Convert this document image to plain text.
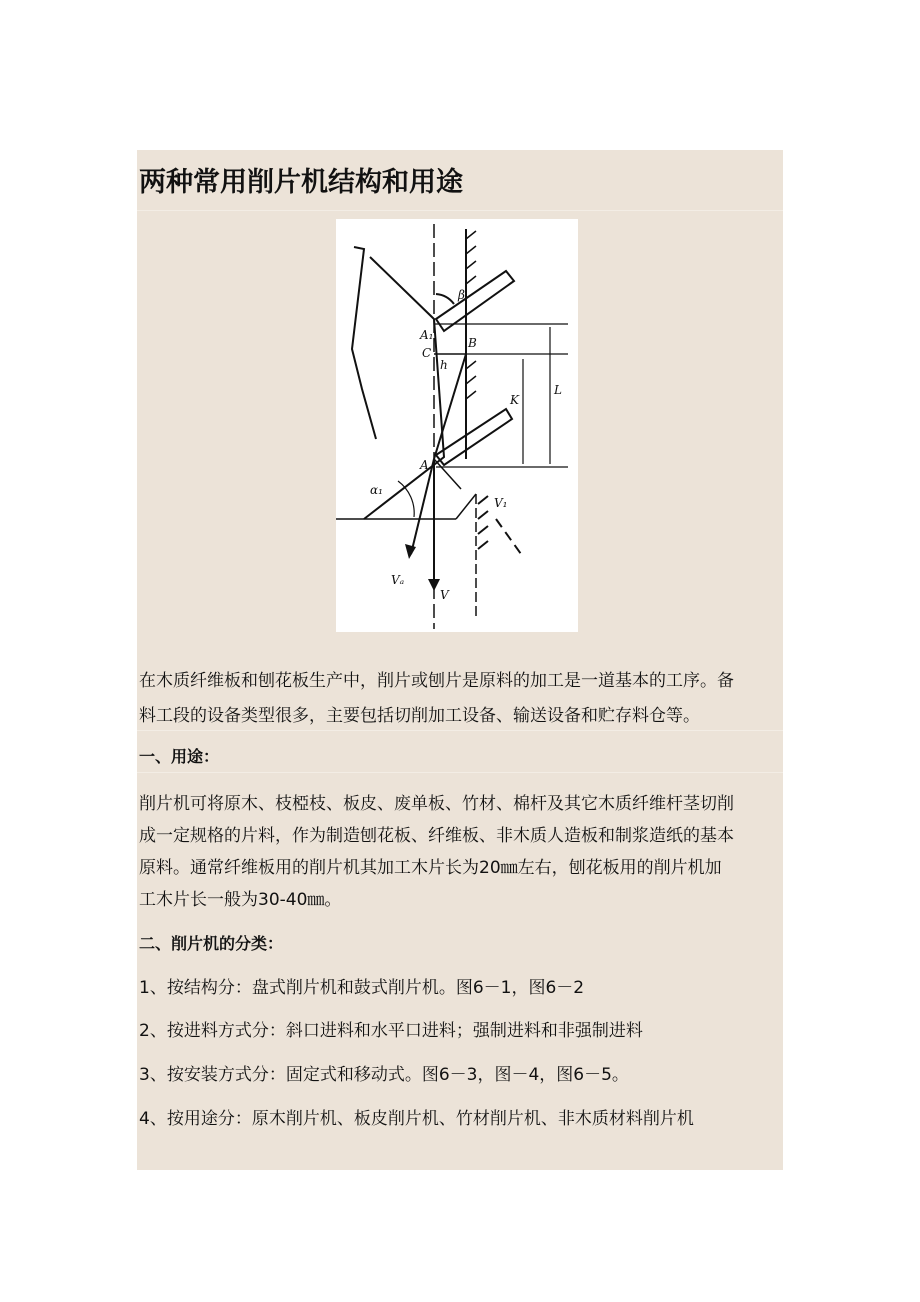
两种常用削片机结构和用途
β
A₁
C
B
h
K
L
A
α₁
V₁
Vₐ
V
在木质纤维板和刨花板生产中，削片或刨片是原料的加工是一道基本的工序。备
料工段的设备类型很多，主要包括切削加工设备、输送设备和贮存料仓等。
一、用途：
削片机可将原木、枝椏枝、板皮、废单板、竹材、棉杆及其它木质纤维杆茎切削
成一定规格的片料，作为制造刨花板、纤维板、非木质人造板和制浆造纸的基本
原料。通常纤维板用的削片机其加工木片长为20㎜左右，刨花板用的削片机加
工木片长一般为30-40㎜。
二、削片机的分类：
1、按结构分：盘式削片机和鼓式削片机。图6－1，图6－2
2、按进料方式分：斜口进料和水平口进料；强制进料和非强制进料
3、按安装方式分：固定式和移动式。图6－3，图－4，图6－5。
4、按用途分：原木削片机、板皮削片机、竹材削片机、非木质材料削片机
